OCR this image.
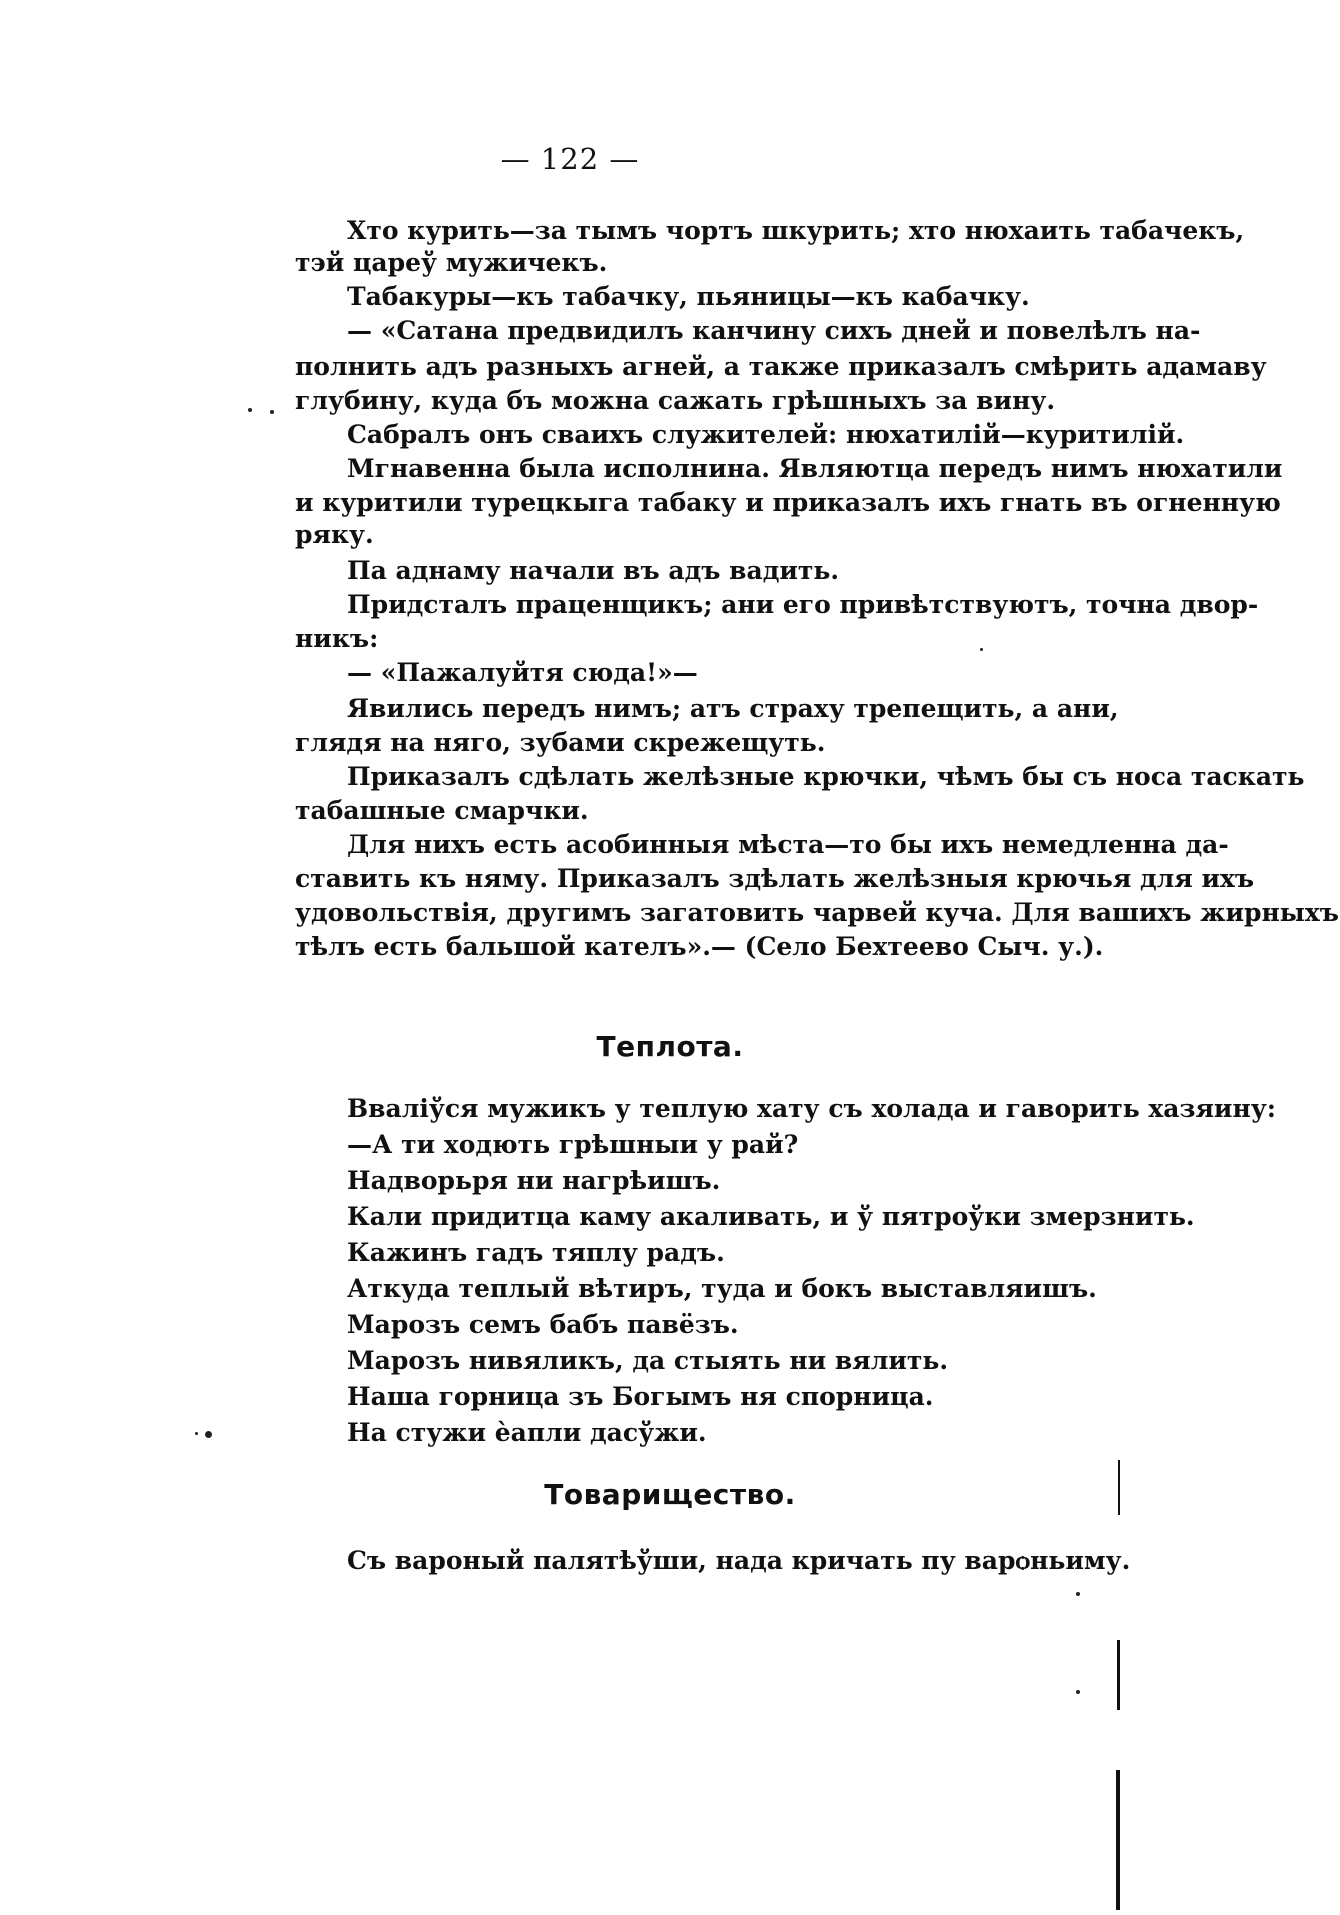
— 122 —
Хто курить—за тымъ чортъ шкурить; хто нюхаить табачекъ,
тэй цареў мужичекъ.
Табакуры—къ табачку, пьяницы—къ кабачку.
— «Сатана предвидилъ канчину сихъ дней и повелѣлъ на-
полнить адъ разныхъ агней, а также приказалъ смѣрить адамаву
глубину, куда бъ можна сажать грѣшныхъ за вину.
Сабралъ онъ сваихъ служителей: нюхатилій—куритилій.
Мгнавенна была исполнина. Являютца передъ нимъ нюхатили
и куритили турецкыга табаку и приказалъ ихъ гнать въ огненную
ряку.
Па аднаму начали въ адъ вадить.
Придсталъ праценщикъ; ани его привѣтствуютъ, точна двор-
никъ:
— «Пажалуйтя сюда!»—
Явились передъ нимъ; атъ страху трепещить, а ани,
глядя на няго, зубами скрежещуть.
Приказалъ сдѣлать желѣзные крючки, чѣмъ бы съ носа таскать
табашные смарчки.
Для нихъ есть асобинныя мѣста—то бы ихъ немедленна да-
ставить къ няму. Приказалъ здѣлать желѣзныя крючья для ихъ
удовольствія, другимъ загатовить чарвей куча. Для вашихъ жирныхъ
тѣлъ есть бальшой кателъ».— (Село Бехтеево Сыч. у.).
Теплота.
Ввалiўся мужикъ у теплую хату съ холада и гаворить хазяину:
—А ти ходють грѣшныи у рай?
Надворьря ни нагрѣишъ.
Кали придитца каму акаливать, и ў пятроўки змерзнить.
Кажинъ гадъ тяплу радъ.
Аткуда теплый вѣтиръ, туда и бокъ выставляишъ.
Марозъ семъ бабъ павёзъ.
Марозъ нивяликъ, да стыять ни вялить.
Наша горница зъ Богымъ ня спорница.
На стужи ѐапли дасўжи.
Товарищество.
Съ вароный палятѣўши, нада кричать пу варѻньиму.
